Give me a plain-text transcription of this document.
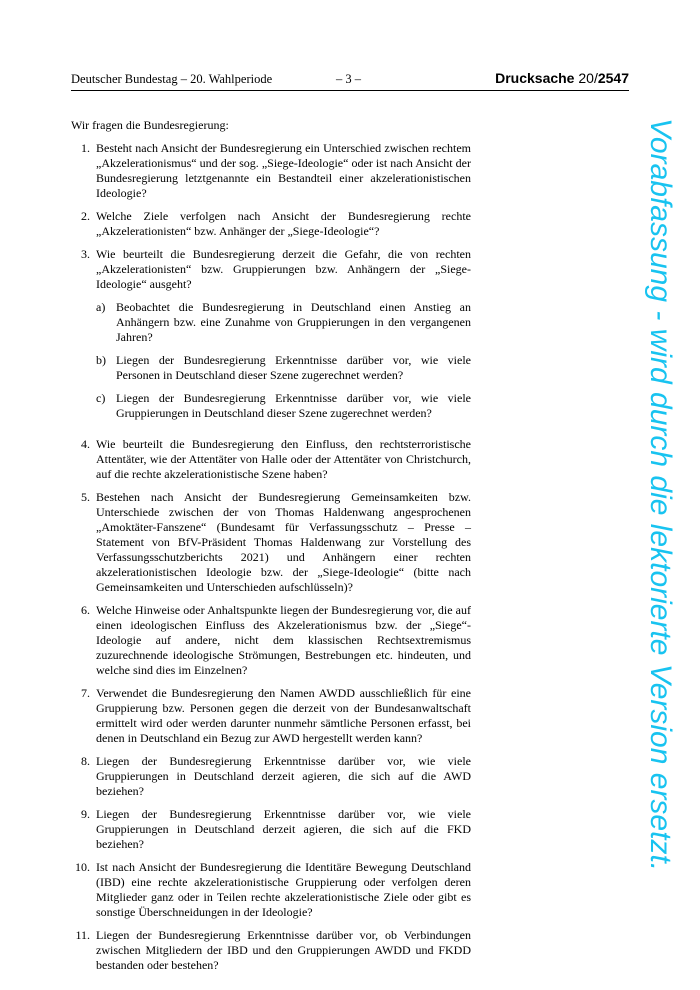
Deutscher Bundestag – 20. Wahlperiode	– 3 –	Drucksache 20/2547

Wir fragen die Bundesregierung:

1. Besteht nach Ansicht der Bundesregierung ein Unterschied zwischen rechtem „Akzelerationismus“ und der sog. „Siege-Ideologie“ oder ist nach Ansicht der Bundesregierung letztgenannte ein Bestandteil einer akzelerationistischen Ideologie?
2. Welche Ziele verfolgen nach Ansicht der Bundesregierung rechte „Akzelerationisten“ bzw. Anhänger der „Siege-Ideologie“?
3. Wie beurteilt die Bundesregierung derzeit die Gefahr, die von rechten „Akzelerationisten“ bzw. Gruppierungen bzw. Anhängern der „Siege-Ideologie“ ausgeht?
a) Beobachtet die Bundesregierung in Deutschland einen Anstieg an Anhängern bzw. eine Zunahme von Gruppierungen in den vergangenen Jahren?
b) Liegen der Bundesregierung Erkenntnisse darüber vor, wie viele Personen in Deutschland dieser Szene zugerechnet werden?
c) Liegen der Bundesregierung Erkenntnisse darüber vor, wie viele Gruppierungen in Deutschland dieser Szene zugerechnet werden?
4. Wie beurteilt die Bundesregierung den Einfluss, den rechtsterroristische Attentäter, wie der Attentäter von Halle oder der Attentäter von Christchurch, auf die rechte akzelerationistische Szene haben?
5. Bestehen nach Ansicht der Bundesregierung Gemeinsamkeiten bzw. Unterschiede zwischen der von Thomas Haldenwang angesprochenen „Amoktäter-Fanszene“ (Bundesamt für Verfassungsschutz – Presse – Statement von BfV-Präsident Thomas Haldenwang zur Vorstellung des Verfassungsschutzberichts 2021) und Anhängern einer rechten akzelerationistischen Ideologie bzw. der „Siege-Ideologie“ (bitte nach Gemeinsamkeiten und Unterschieden aufschlüsseln)?
6. Welche Hinweise oder Anhaltspunkte liegen der Bundesregierung vor, die auf einen ideologischen Einfluss des Akzelerationismus bzw. der „Siege“-Ideologie auf andere, nicht dem klassischen Rechtsextremismus zuzurechnende ideologische Strömungen, Bestrebungen etc. hindeuten, und welche sind dies im Einzelnen?
7. Verwendet die Bundesregierung den Namen AWDD ausschließlich für eine Gruppierung bzw. Personen gegen die derzeit von der Bundesanwaltschaft ermittelt wird oder werden darunter nunmehr sämtliche Personen erfasst, bei denen in Deutschland ein Bezug zur AWD hergestellt werden kann?
8. Liegen der Bundesregierung Erkenntnisse darüber vor, wie viele Gruppierungen in Deutschland derzeit agieren, die sich auf die AWD beziehen?
9. Liegen der Bundesregierung Erkenntnisse darüber vor, wie viele Gruppierungen in Deutschland derzeit agieren, die sich auf die FKD beziehen?
10. Ist nach Ansicht der Bundesregierung die Identitäre Bewegung Deutschland (IBD) eine rechte akzelerationistische Gruppierung oder verfolgen deren Mitglieder ganz oder in Teilen rechte akzelerationistische Ziele oder gibt es sonstige Überschneidungen in der Ideologie?
11. Liegen der Bundesregierung Erkenntnisse darüber vor, ob Verbindungen zwischen Mitgliedern der IBD und den Gruppierungen AWDD und FKDD bestanden oder bestehen?
Vorabfassung - wird durch die lektorierte Version ersetzt.
